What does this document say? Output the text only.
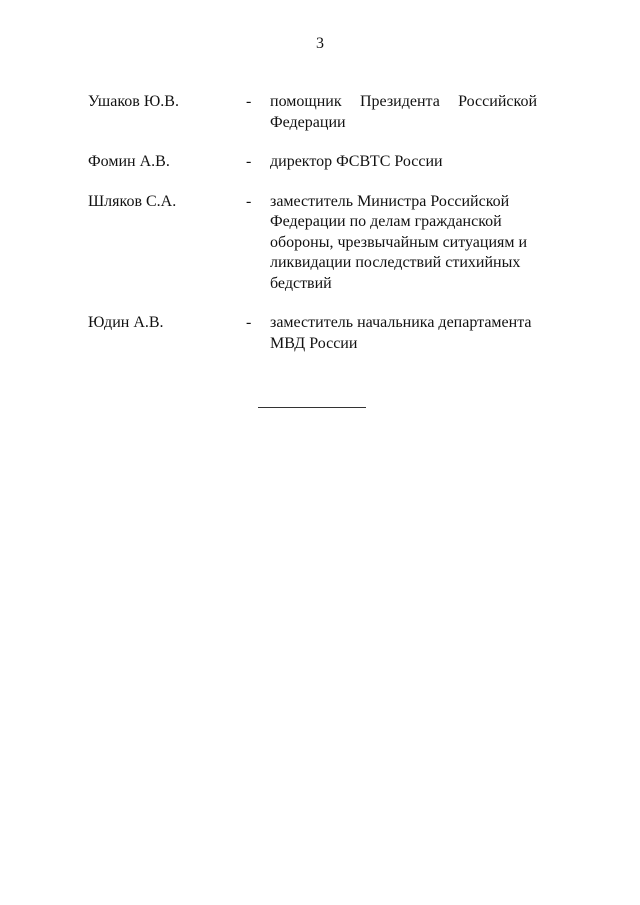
3
Ушаков Ю.В.	- помощник Президента Российской Федерации
Фомин А.В.	- директор ФСВТС России
Шляков С.А.	- заместитель Министра Российской Федерации по делам гражданской обороны, чрезвычайным ситуациям и ликвидации последствий стихийных бедствий
Юдин А.В.	- заместитель начальника департамента МВД России
